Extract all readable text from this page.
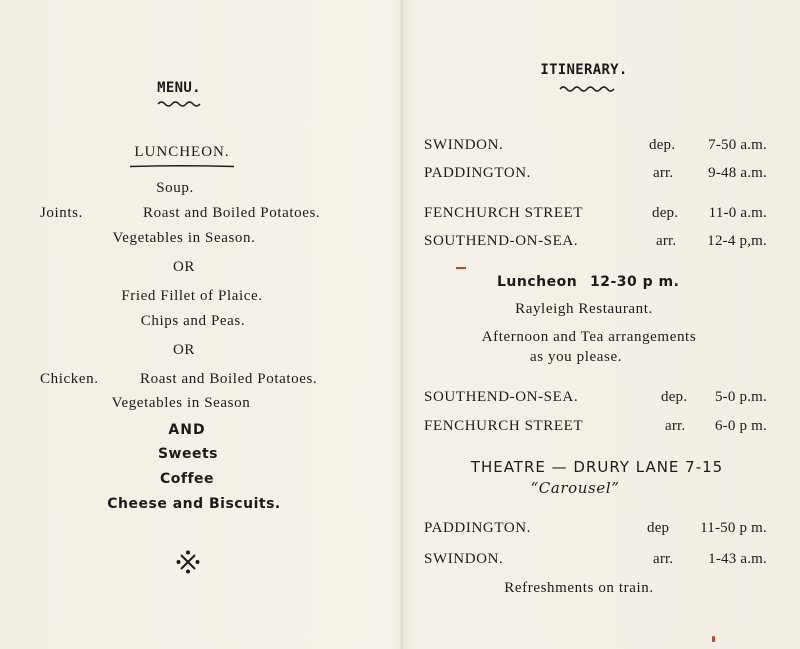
MENU.
LUNCHEON.
Soup.
Joints.	Roast and Boiled Potatoes.
Vegetables in Season.
OR
Fried Fillet of Plaice.
Chips and Peas.
OR
Chicken.	Roast and Boiled Potatoes.
Vegetables in Season
AND
Sweets
Coffee
Cheese and Biscuits.
ITINERARY.
SWINDON.	dep. 7-50 a.m.
PADDINGTON.	arr. 9-48 a.m.
FENCHURCH STREET	dep. 11-0 a.m.
SOUTHEND-ON-SEA.	arr. 12-4 p,m.
Luncheon 12-30 p m.
Rayleigh Restaurant.
Afternoon and Tea arrangements
as you please.
SOUTHEND-ON-SEA.	dep. 5-0 p.m.
FENCHURCH STREET	arr. 6-0 p m.
THEATRE — DRURY LANE 7-15
“Carousel”
PADDINGTON.	dep 11-50 p m.
SWINDON.	arr. 1-43 a.m.
Refreshments on train.
